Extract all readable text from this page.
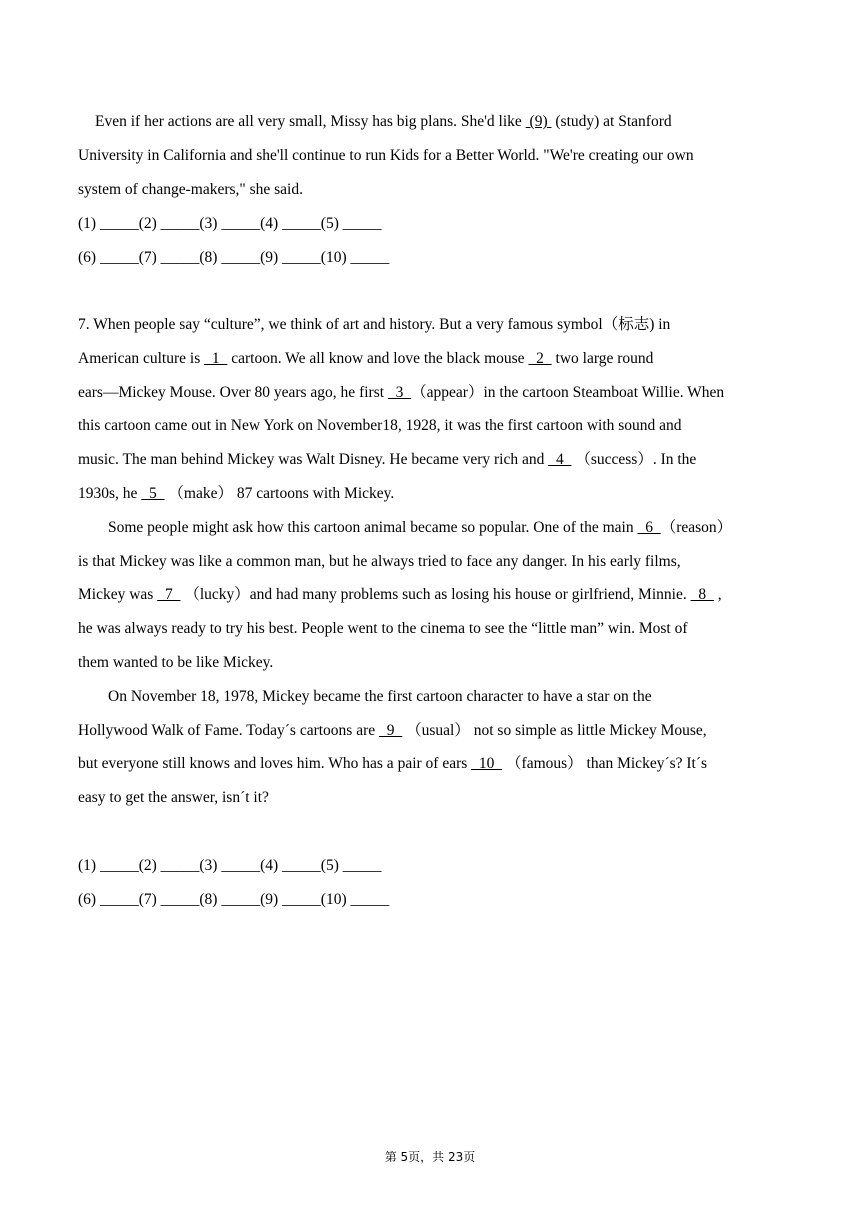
Even if her actions are all very small, Missy has big plans. She'd like  (9)  (study) at Stanford
University in California and she'll continue to run Kids for a Better World. "We're creating our own
system of change-makers," she said.
(1) _____(2) _____(3) _____(4) _____(5) _____
(6) _____(7) _____(8) _____(9) _____(10) _____
7. When people say “culture”, we think of art and history. But a very famous symbol（标志) in
American culture is   1   cartoon. We all know and love the black mouse   2   two large round
ears—Mickey Mouse. Over 80 years ago, he first   3  （appear）in the cartoon Steamboat Willie. When
this cartoon came out in New York on November18, 1928, it was the first cartoon with sound and
music. The man behind Mickey was Walt Disney. He became very rich and   4   （success）. In the
1930s, he   5   （make） 87 cartoons with Mickey.
Some people might ask how this cartoon animal became so popular. One of the main   6  （reason）
is that Mickey was like a common man, but he always tried to face any danger. In his early films,
Mickey was   7   （lucky）and had many problems such as losing his house or girlfriend, Minnie.   8   ,
he was always ready to try his best. People went to the cinema to see the “little man” win. Most of
them wanted to be like Mickey.
On November 18, 1978, Mickey became the first cartoon character to have a star on the
Hollywood Walk of Fame. Todayˊs cartoons are   9   （usual） not so simple as little Mickey Mouse,
but everyone still knows and loves him. Who has a pair of ears   10   （famous） than Mickeyˊs? Itˊs
easy to get the answer, isnˊt it?
(1) _____(2) _____(3) _____(4) _____(5) _____
(6) _____(7) _____(8) _____(9) _____(10) _____
第 5页，共 23页
